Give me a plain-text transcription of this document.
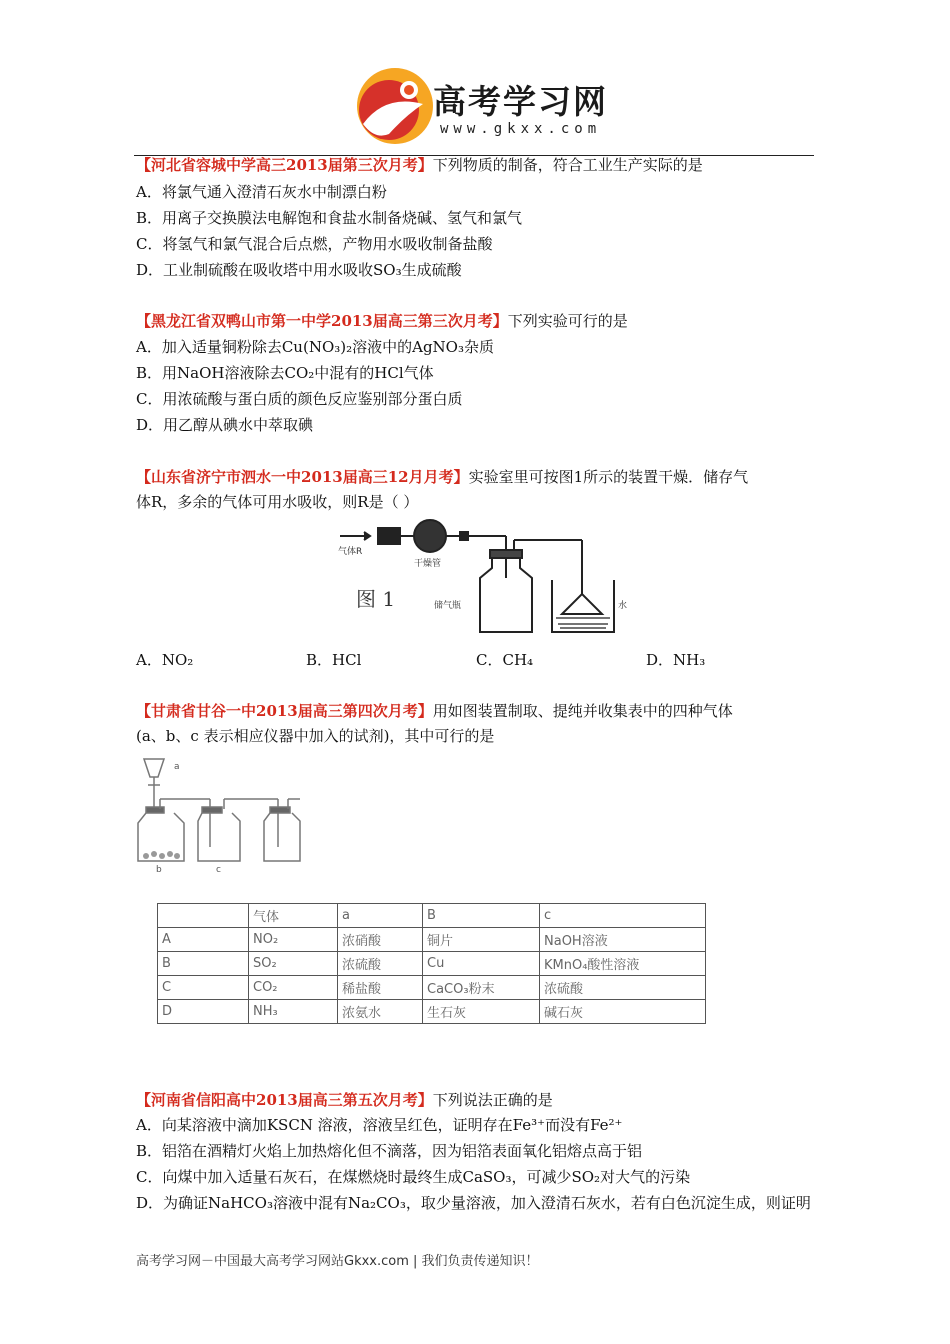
高考学习网
www.gkxx.com
【河北省容城中学高三2013届第三次月考】下列物质的制备，符合工业生产实际的是
A．将氯气通入澄清石灰水中制漂白粉
B．用离子交换膜法电解饱和食盐水制备烧碱、氢气和氯气
C．将氢气和氯气混合后点燃，产物用水吸收制备盐酸
D．工业制硫酸在吸收塔中用水吸收SO₃生成硫酸
【黑龙江省双鸭山市第一中学2013届高三第三次月考】下列实验可行的是
A．加入适量铜粉除去Cu(NO₃)₂溶液中的AgNO₃杂质
B．用NaOH溶液除去CO₂中混有的HCl气体
C．用浓硫酸与蛋白质的颜色反应鉴别部分蛋白质
D．用乙醇从碘水中萃取碘
【山东省济宁市泗水一中2013届高三12月月考】实验室里可按图1所示的装置干燥．储存气
体R，多余的气体可用水吸收，则R是（ ）
气体R
干燥管
储气瓶	水
图 1
A．NO₂	B．HCl	C．CH₄	D．NH₃
【甘肃省甘谷一中2013届高三第四次月考】用如图装置制取、提纯并收集表中的四种气体
(a、b、c 表示相应仪器中加入的试剂)，其中可行的是
a
b	c
	气体	a	B	c
A	NO₂	浓硝酸	铜片	NaOH溶液
B	SO₂	浓硫酸	Cu	KMnO₄酸性溶液
C	CO₂	稀盐酸	CaCO₃粉末	浓硫酸
D	NH₃	浓氨水	生石灰	碱石灰
【河南省信阳高中2013届高三第五次月考】下列说法正确的是
A．向某溶液中滴加KSCN 溶液，溶液呈红色，证明存在Fe³⁺而没有Fe²⁺
B．铝箔在酒精灯火焰上加热熔化但不滴落，因为铝箔表面氧化铝熔点高于铝
C．向煤中加入适量石灰石，在煤燃烧时最终生成CaSO₃，可减少SO₂对大气的污染
D．为确证NaHCO₃溶液中混有Na₂CO₃，取少量溶液，加入澄清石灰水，若有白色沉淀生成，则证明
高考学习网－中国最大高考学习网站Gkxx.com | 我们负责传递知识！
